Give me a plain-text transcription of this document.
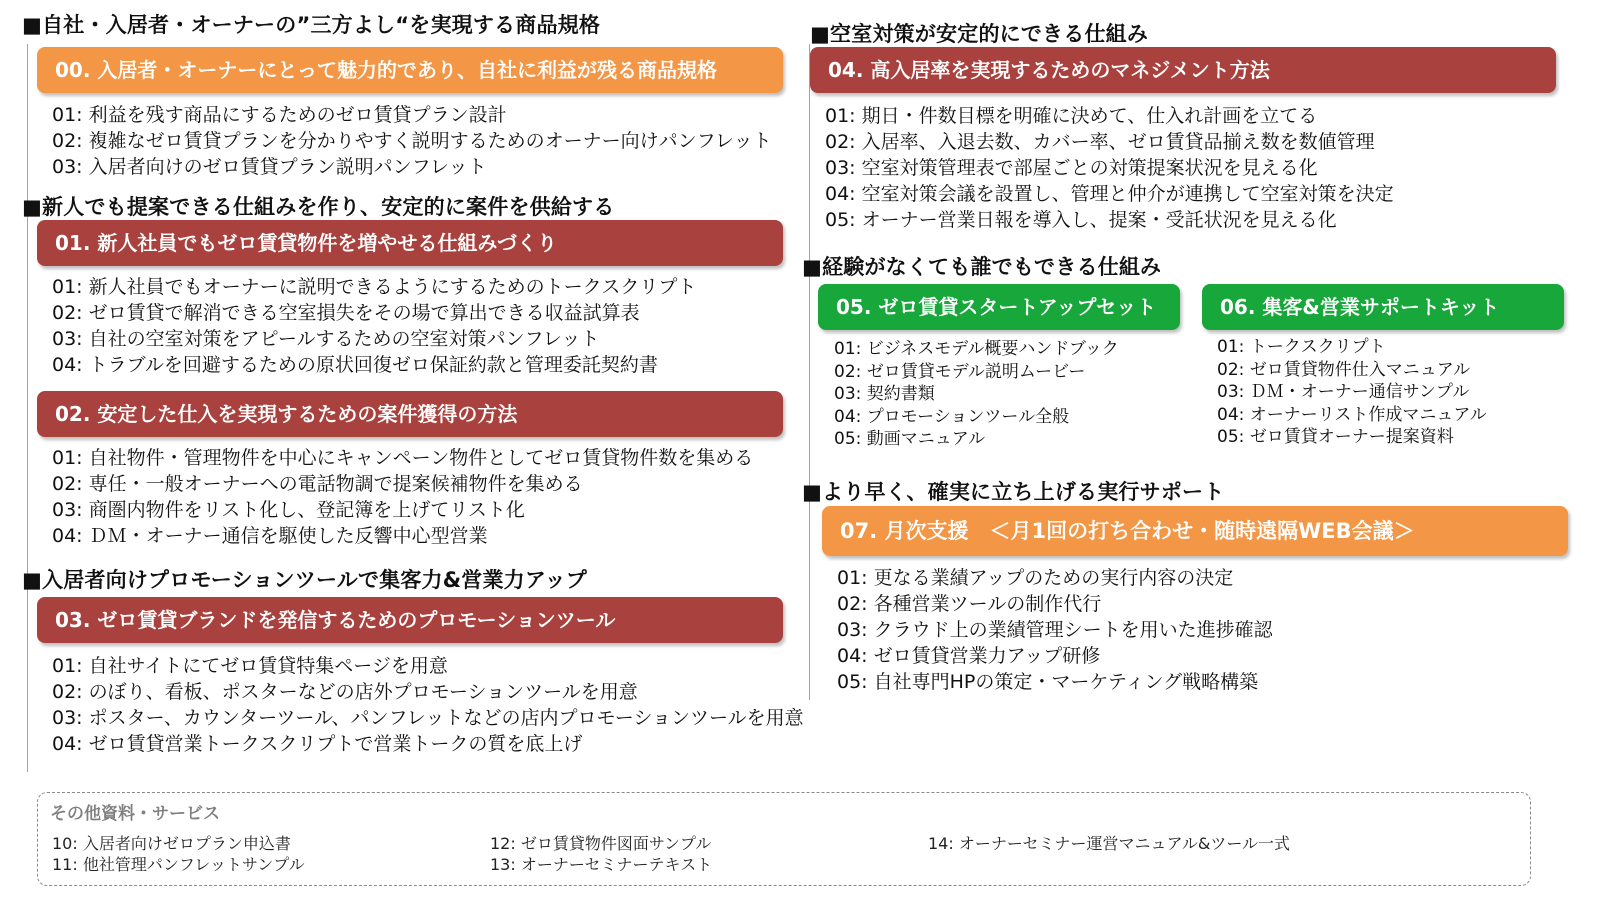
■自社・入居者・オーナーの”三方よし“を実現する商品規格
00. 入居者・オーナーにとって魅力的であり、自社に利益が残る商品規格
01: 利益を残す商品にするためのゼロ賃貸プラン設計
02: 複雑なゼロ賃貸プランを分かりやすく説明するためのオーナー向けパンフレット
03: 入居者向けのゼロ賃貸プラン説明パンフレット
■新人でも提案できる仕組みを作り、安定的に案件を供給する
01. 新人社員でもゼロ賃貸物件を増やせる仕組みづくり
01: 新人社員でもオーナーに説明できるようにするためのトークスクリプト
02: ゼロ賃貸で解消できる空室損失をその場で算出できる収益試算表
03: 自社の空室対策をアピールするための空室対策パンフレット
04: トラブルを回避するための原状回復ゼロ保証約款と管理委託契約書
02. 安定した仕入を実現するための案件獲得の方法
01: 自社物件・管理物件を中心にキャンペーン物件としてゼロ賃貸物件数を集める
02: 専任・一般オーナーへの電話物調で提案候補物件を集める
03: 商圏内物件をリスト化し、登記簿を上げてリスト化
04: ＤＭ・オーナー通信を駆使した反響中心型営業
■入居者向けプロモーションツールで集客力&営業力アップ
03. ゼロ賃貸ブランドを発信するためのプロモーションツール
01: 自社サイトにてゼロ賃貸特集ページを用意
02: のぼり、看板、ポスターなどの店外プロモーションツールを用意
03: ポスター、カウンターツール、パンフレットなどの店内プロモーションツールを用意
04: ゼロ賃貸営業トークスクリプトで営業トークの質を底上げ
■空室対策が安定的にできる仕組み
04. 高入居率を実現するためのマネジメント方法
01: 期日・件数目標を明確に決めて、仕入れ計画を立てる
02: 入居率、入退去数、カバー率、ゼロ賃貸品揃え数を数値管理
03: 空室対策管理表で部屋ごとの対策提案状況を見える化
04: 空室対策会議を設置し、管理と仲介が連携して空室対策を決定
05: オーナー営業日報を導入し、提案・受託状況を見える化
■経験がなくても誰でもできる仕組み
05. ゼロ賃貸スタートアップセット	06. 集客&営業サポートキット
01: ビジネスモデル概要ハンドブック
02: ゼロ賃貸モデル説明ムービー
03: 契約書類
04: プロモーションツール全般
05: 動画マニュアル
01: トークスクリプト
02: ゼロ賃貸物件仕入マニュアル
03: ＤＭ・オーナー通信サンプル
04: オーナーリスト作成マニュアル
05: ゼロ賃貸オーナー提案資料
■より早く、確実に立ち上げる実行サポート
07. 月次支援　＜月1回の打ち合わせ・随時遠隔WEB会議＞
01: 更なる業績アップのための実行内容の決定
02: 各種営業ツールの制作代行
03: クラウド上の業績管理シートを用いた進捗確認
04: ゼロ賃貸営業力アップ研修
05: 自社専門HPの策定・マーケティング戦略構築
その他資料・サービス
10: 入居者向けゼロプラン申込書
11: 他社管理パンフレットサンプル
12: ゼロ賃貸物件図面サンプル
13: オーナーセミナーテキスト
14: オーナーセミナー運営マニュアル&ツール一式
